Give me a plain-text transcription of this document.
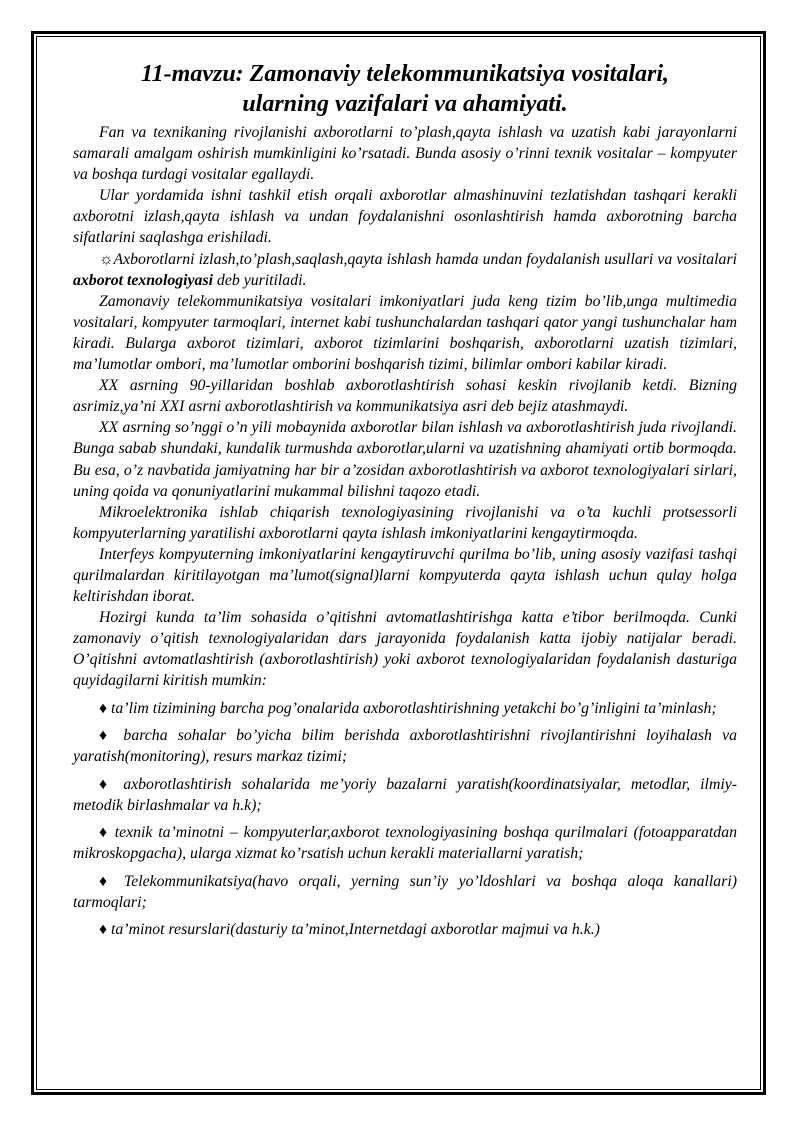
11-mavzu: Zamonaviy telekommunikatsiya vositalari,
ularning vazifalari va ahamiyati.

Fan va texnikaning rivojlanishi axborotlarni to’plash,qayta ishlash va uzatish kabi jarayonlarni samarali amalgam oshirish mumkinligini ko’rsatadi. Bunda asosiy o’rinni texnik vositalar – kompyuter va boshqa turdagi vositalar egallaydi.

Ular yordamida ishni tashkil etish orqali axborotlar almashinuvini tezlatishdan tashqari kerakli axborotni izlash,qayta ishlash va undan foydalanishni osonlashtirish hamda axborotning barcha sifatlarini saqlashga erishiladi.

☼Axborotlarni izlash,to’plash,saqlash,qayta ishlash hamda undan foydalanish usullari va vositalari axborot texnologiyasi deb yuritiladi.

Zamonaviy telekommunikatsiya vositalari imkoniyatlari juda keng tizim bo’lib,unga multimedia vositalari, kompyuter tarmoqlari, internet kabi tushunchalardan tashqari qator yangi tushunchalar ham kiradi. Bularga axborot tizimlari, axborot tizimlarini boshqarish, axborotlarni uzatish tizimlari, ma’lumotlar ombori, ma’lumotlar omborini boshqarish tizimi, bilimlar ombori kabilar kiradi.

XX asrning 90-yillaridan boshlab axborotlashtirish sohasi keskin rivojlanib ketdi. Bizning asrimiz,ya’ni XXI asrni axborotlashtirish va kommunikatsiya asri deb bejiz atashmaydi.

XX asrning so’nggi o’n yili mobaynida axborotlar bilan ishlash va axborotlashtirish juda rivojlandi. Bunga sabab shundaki, kundalik turmushda axborotlar,ularni va uzatishning ahamiyati ortib bormoqda. Bu esa, o’z navbatida jamiyatning har bir a’zosidan axborotlashtirish va axborot texnologiyalari sirlari, uning qoida va qonuniyatlarini mukammal bilishni taqozo etadi.

Mikroelektronika ishlab chiqarish texnologiyasining rivojlanishi va o’ta kuchli protsessorli kompyuterlarning yaratilishi axborotlarni qayta ishlash imkoniyatlarini kengaytirmoqda.

Interfeys kompyuterning imkoniyatlarini kengaytiruvchi qurilma bo’lib, uning asosiy vazifasi tashqi qurilmalardan kiritilayotgan ma’lumot(signal)larni kompyuterda qayta ishlash uchun qulay holga keltirishdan iborat.

Hozirgi kunda ta’lim sohasida o’qitishni avtomatlashtirishga katta e’tibor berilmoqda. Cunki zamonaviy o’qitish texnologiyalaridan dars jarayonida foydalanish katta ijobiy natijalar beradi. O’qitishni avtomatlashtirish (axborotlashtirish) yoki axborot texnologiyalaridan foydalanish dasturiga quyidagilarni kiritish mumkin:

♦ ta’lim tizimining barcha pog’onalarida axborotlashtirishning yetakchi bo’g’inligini ta’minlash;

♦ barcha sohalar bo’yicha bilim berishda axborotlashtirishni rivojlantirishni loyihalash va yaratish(monitoring), resurs markaz tizimi;

♦ axborotlashtirish sohalarida me’yoriy bazalarni yaratish(koordinatsiyalar, metodlar, ilmiy-metodik birlashmalar va h.k);

♦ texnik ta’minotni – kompyuterlar,axborot texnologiyasining boshqa qurilmalari (fotoapparatdan mikroskopgacha), ularga xizmat ko’rsatish uchun kerakli materiallarni yaratish;

♦ Telekommunikatsiya(havo orqali, yerning sun’iy yo’ldoshlari va boshqa aloqa kanallari) tarmoqlari;

♦ ta’minot resurslari(dasturiy ta’minot,Internetdagi axborotlar majmui va h.k.)
